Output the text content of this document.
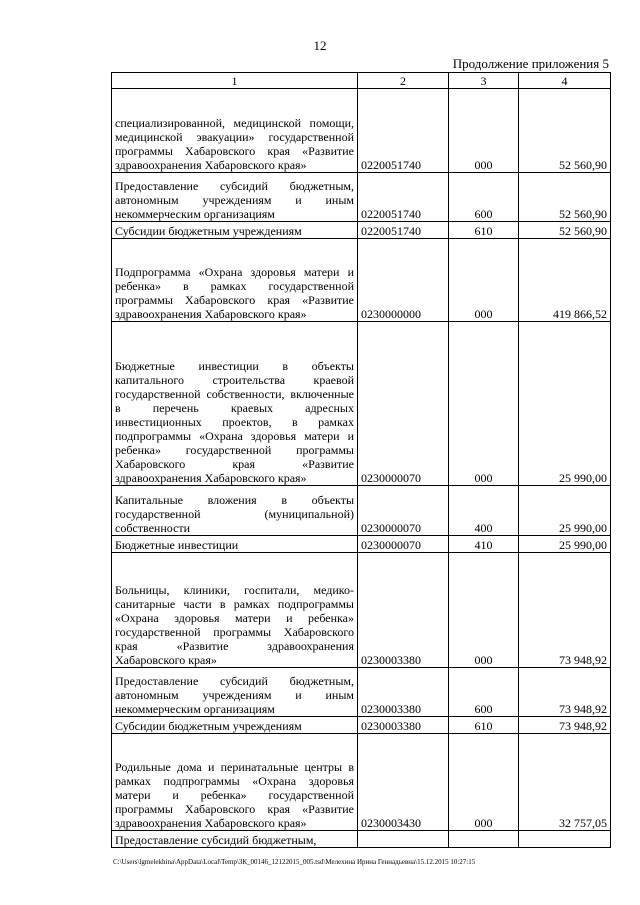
12
Продолжение приложения 5
1	2	3	4
специализированной, медицинской помощи, медицинской эвакуации» государственной программы Хабаровского края «Развитие здравоохранения Хабаровского края»	0220051740	000	52 560,90
Предоставление субсидий бюджетным, автономным учреждениям и иным некоммерческим организациям	0220051740	600	52 560,90
Субсидии бюджетным учреждениям	0220051740	610	52 560,90
Подпрограмма «Охрана здоровья матери и ребенка» в рамках государственной программы Хабаровского края «Развитие здравоохранения Хабаровского края»	0230000000	000	419 866,52
Бюджетные инвестиции в объекты капитального строительства краевой государственной собственности, включенные в перечень краевых адресных инвестиционных проектов, в рамках подпрограммы «Охрана здоровья матери и ребенка» государственной программы Хабаровского края «Развитие здравоохранения Хабаровского края»	0230000070	000	25 990,00
Капитальные вложения в объекты государственной (муниципальной) собственности	0230000070	400	25 990,00
Бюджетные инвестиции	0230000070	410	25 990,00
Больницы, клиники, госпитали, медико-санитарные части в рамках подпрограммы «Охрана здоровья матери и ребенка» государственной программы Хабаровского края «Развитие здравоохранения Хабаровского края»	0230003380	000	73 948,92
Предоставление субсидий бюджетным, автономным учреждениям и иным некоммерческим организациям	0230003380	600	73 948,92
Субсидии бюджетным учреждениям	0230003380	610	73 948,92
Родильные дома и перинатальные центры в рамках подпрограммы «Охрана здоровья матери и ребенка» государственной программы Хабаровского края «Развитие здравоохранения Хабаровского края»	0230003430	000	32 757,05
Предоставление субсидий бюджетным,			
C:\Users\lgmelekhina\AppData\Local\Temp\ЗК_00146_12122015_005.tsd\Мелехина Ирина Геннадьевна\15.12.2015 10:27:15
